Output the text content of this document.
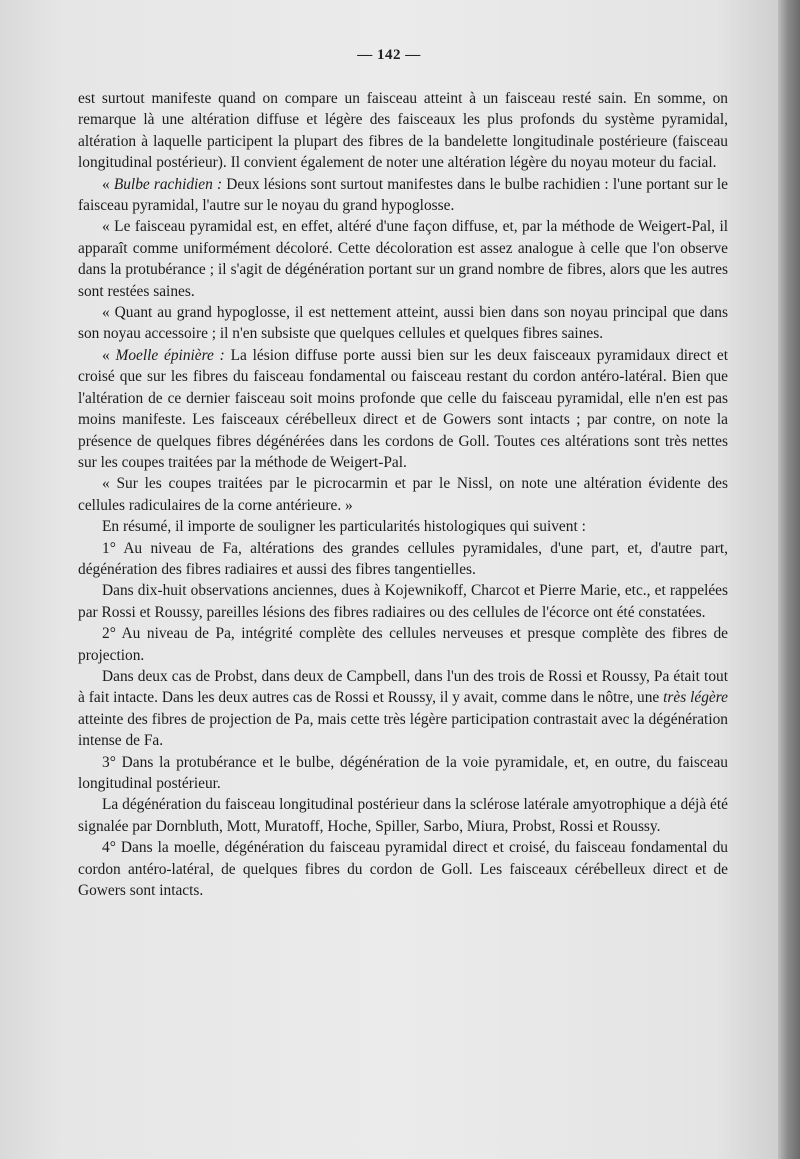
— 142 —

est surtout manifeste quand on compare un faisceau atteint à un faisceau resté sain. En somme, on remarque là une altération diffuse et légère des faisceaux les plus profonds du système pyramidal, altération à laquelle participent la plupart des fibres de la bandelette longitudinale postérieure (faisceau longitudinal postérieur). Il convient également de noter une altération légère du noyau moteur du facial.

« Bulbe rachidien : Deux lésions sont surtout manifestes dans le bulbe rachidien : l'une portant sur le faisceau pyramidal, l'autre sur le noyau du grand hypoglosse.

« Le faisceau pyramidal est, en effet, altéré d'une façon diffuse, et, par la méthode de Weigert-Pal, il apparaît comme uniformément décoloré. Cette décoloration est assez analogue à celle que l'on observe dans la protubérance ; il s'agit de dégénération portant sur un grand nombre de fibres, alors que les autres sont restées saines.

« Quant au grand hypoglosse, il est nettement atteint, aussi bien dans son noyau principal que dans son noyau accessoire ; il n'en subsiste que quelques cellules et quelques fibres saines.

« Moelle épinière : La lésion diffuse porte aussi bien sur les deux faisceaux pyramidaux direct et croisé que sur les fibres du faisceau fondamental ou faisceau restant du cordon antéro-latéral. Bien que l'altération de ce dernier faisceau soit moins profonde que celle du faisceau pyramidal, elle n'en est pas moins manifeste. Les faisceaux cérébelleux direct et de Gowers sont intacts ; par contre, on note la présence de quelques fibres dégénérées dans les cordons de Goll. Toutes ces altérations sont très nettes sur les coupes traitées par la méthode de Weigert-Pal.

« Sur les coupes traitées par le picrocarmin et par le Nissl, on note une altération évidente des cellules radiculaires de la corne antérieure. »

En résumé, il importe de souligner les particularités histologiques qui suivent :

1° Au niveau de Fa, altérations des grandes cellules pyramidales, d'une part, et, d'autre part, dégénération des fibres radiaires et aussi des fibres tangentielles.

Dans dix-huit observations anciennes, dues à Kojewnikoff, Charcot et Pierre Marie, etc., et rappelées par Rossi et Roussy, pareilles lésions des fibres radiaires ou des cellules de l'écorce ont été constatées.

2° Au niveau de Pa, intégrité complète des cellules nerveuses et presque complète des fibres de projection.

Dans deux cas de Probst, dans deux de Campbell, dans l'un des trois de Rossi et Roussy, Pa était tout à fait intacte. Dans les deux autres cas de Rossi et Roussy, il y avait, comme dans le nôtre, une très légère atteinte des fibres de projection de Pa, mais cette très légère participation contrastait avec la dégénération intense de Fa.

3° Dans la protubérance et le bulbe, dégénération de la voie pyramidale, et, en outre, du faisceau longitudinal postérieur.

La dégénération du faisceau longitudinal postérieur dans la sclérose latérale amyotrophique a déjà été signalée par Dornbluth, Mott, Muratoff, Hoche, Spiller, Sarbo, Miura, Probst, Rossi et Roussy.

4° Dans la moelle, dégénération du faisceau pyramidal direct et croisé, du faisceau fondamental du cordon antéro-latéral, de quelques fibres du cordon de Goll. Les faisceaux cérébelleux direct et de Gowers sont intacts.
